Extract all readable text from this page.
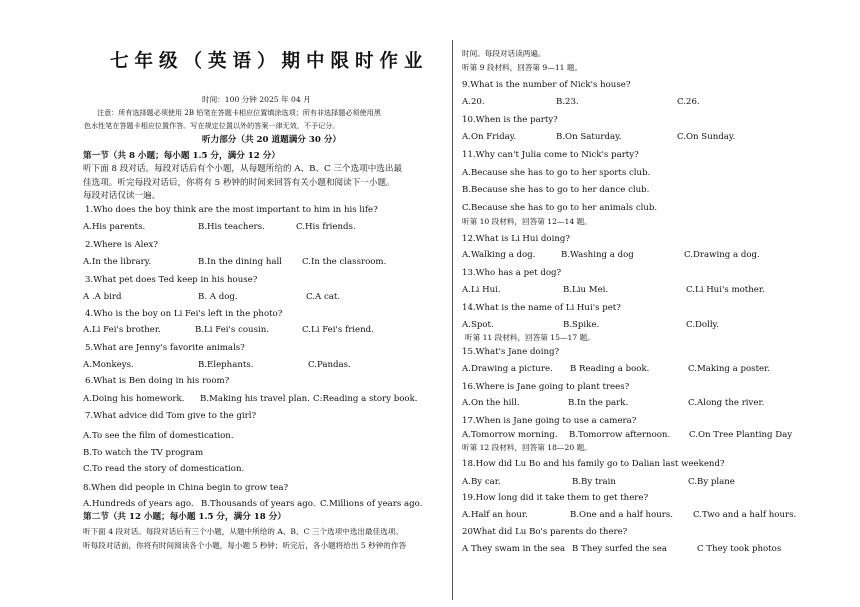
七年级（英语）期中限时作业
时间：100 分钟 2025 年 04 月
注意：所有选择题必须使用 2B 铅笔在答题卡相应位置填涂选项；所有非选择题必须使用黑
色水性笔在答题卡相应位置作答。写在规定位置以外的答案一律无效，不予记分。
听力部分（共 20 道题满分 30 分）
第一节（共 8 小题；每小题 1.5 分，满分 12 分）
听下面 8 段对话。每段对话后有个小题，从每题所给的 A、B、C 三个选项中选出最
佳选项。听完每段对话后，你将有 5 秒钟的时间来回答有关小题和阅读下一小题。
每段对话仅读一遍。
1.Who does the boy think are the most important to him in his life?
A.His parents.	B.His teachers.	C.His friends.
2.Where is Alex?
A.In the library.	B.In the dining hall C.In the classroom.
3.What pet does Ted keep in his house?
A .A bird	B. A dog.	C.A cat.
4.Who is the boy on Li Fei's left in the photo?
A.Li Fei's brother.	B.Li Fei's cousin.	C.Li Fei's friend.
5.What are Jenny's favorite animals?
A.Monkeys.	B.Elephants.	C.Pandas.
6.What is Ben doing in his room?
A.Doing his homework. B.Making his travel plan. C:Reading a story book.
7.What advice did Tom give to the girl?
A.To see the film of domestication.
B.To watch the TV program
C.To read the story of domestication.
8.When did people in China begin to grow tea?
A.Hundreds of years ago. B.Thousands of years ago. C.Millions of years ago.
第二节（共 12 小题；每小题 1.5 分，满分 18 分）
听下面 4 段对话。每段对话后有三个小题，从题中所给的 A、B、C 三个选项中选出最佳选项。
听每段对话前，你将有时间阅读各个小题，每小题 5 秒钟；听完后，各小题将给出 5 秒钟的作答
时间。每段对话读两遍。
听第 9 段材料，回答第 9—11 题。
9.What is the number of Nick's house?
A.20.	B.23.	C.26.
10.When is the party?
A.On Friday.	B.On Saturday.	C.On Sunday.
11.Why can't Julia come to Nick's party?
A.Because she has to go to her sports club.
B.Because she has to go to her dance club.
C.Because she has to go to her animals club.
听第 10 段材料，回答第 12—14 题。
12.What is Li Hui doing?
A.Walking a dog.	B.Washing a dog	C.Drawing a dog.
13.Who has a pet dog?
A.Li Hui.	B.Liu Mei.	C.Li Hui's mother.
14.What is the name of Li Hui's pet?
A.Spot.	B.Spike.	C.Dolly.
听第 11 段材料，回答第 15—17 题。
15.What's Jane doing?
A.Drawing a picture. B Reading a book.	C.Making a poster.
16.Where is Jane going to plant trees?
A.On the hill.	B.In the park.	C.Along the river.
17.When is Jane going to use a camera?
A.Tomorrow morning. B.Tomorrow afternoon. C.On Tree Planting Day
听第 12 段材料，回答第 18—20 题。
18.How did Lu Bo and his family go to Dalian last weekend?
A.By car.	B.By train	C.By plane
19.How long did it take them to get there?
A.Half an hour.	B.One and a half hours. C.Two and a half hours.
20What did Lu Bo's parents do there?
A They swam in the sea B They surfed the sea	C They took photos
